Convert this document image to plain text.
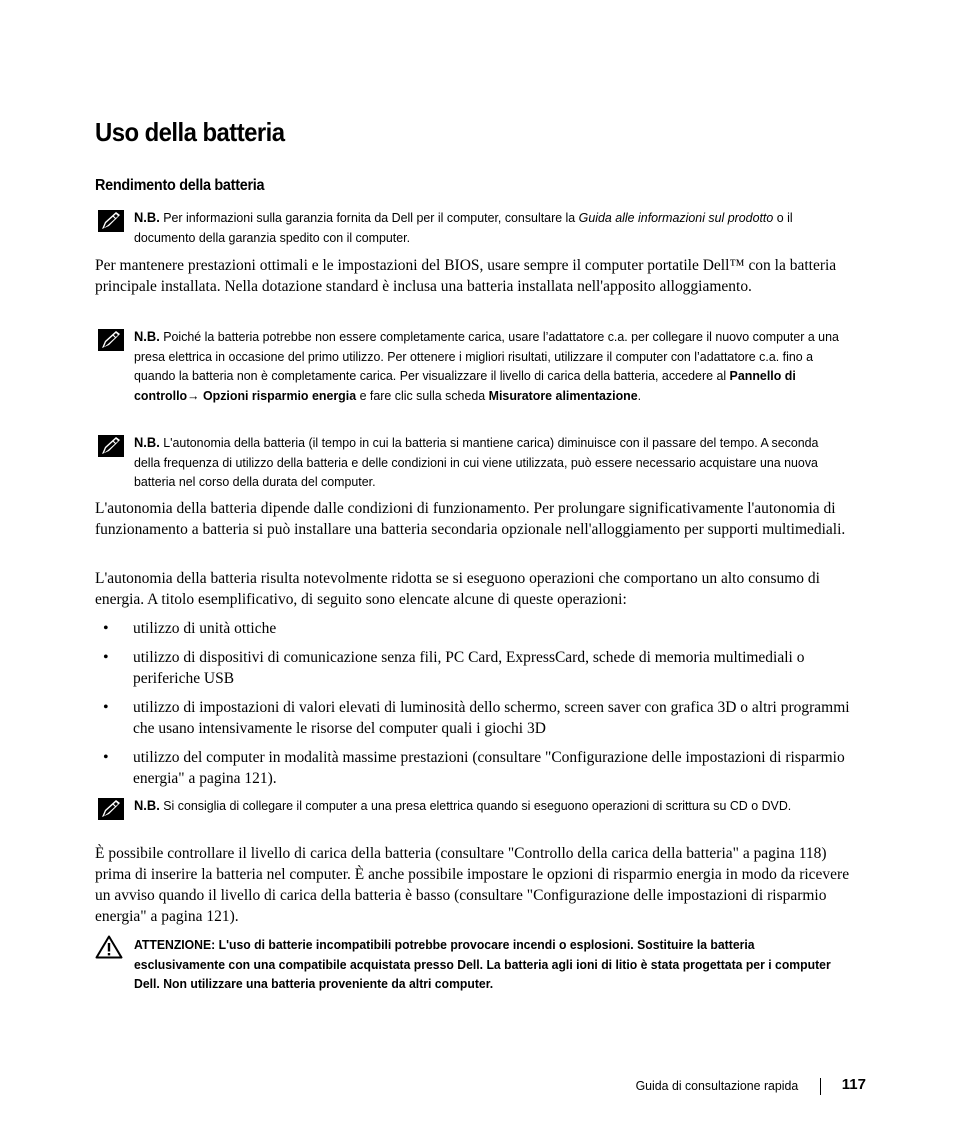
Uso della batteria
Rendimento della batteria
N.B. Per informazioni sulla garanzia fornita da Dell per il computer, consultare la Guida alle informazioni sul prodotto o il documento della garanzia spedito con il computer.
Per mantenere prestazioni ottimali e le impostazioni del BIOS, usare sempre il computer portatile Dell™ con la batteria principale installata. Nella dotazione standard è inclusa una batteria installata nell'apposito alloggiamento.
N.B. Poiché la batteria potrebbe non essere completamente carica, usare l’adattatore c.a. per collegare il nuovo computer a una presa elettrica in occasione del primo utilizzo. Per ottenere i migliori risultati, utilizzare il computer con l’adattatore c.a. fino a quando la batteria non è completamente carica. Per visualizzare il livello di carica della batteria, accedere al Pannello di controllo→ Opzioni risparmio energia e fare clic sulla scheda Misuratore alimentazione.
N.B. L'autonomia della batteria (il tempo in cui la batteria si mantiene carica) diminuisce con il passare del tempo. A seconda della frequenza di utilizzo della batteria e delle condizioni in cui viene utilizzata, può essere necessario acquistare una nuova batteria nel corso della durata del computer.
L'autonomia della batteria dipende dalle condizioni di funzionamento. Per prolungare significativamente l'autonomia di funzionamento a batteria si può installare una batteria secondaria opzionale nell'alloggiamento per supporti multimediali.
L'autonomia della batteria risulta notevolmente ridotta se si eseguono operazioni che comportano un alto consumo di energia. A titolo esemplificativo, di seguito sono elencate alcune di queste operazioni:
• utilizzo di unità ottiche
• utilizzo di dispositivi di comunicazione senza fili, PC Card, ExpressCard, schede di memoria multimediali o periferiche USB
• utilizzo di impostazioni di valori elevati di luminosità dello schermo, screen saver con grafica 3D o altri programmi che usano intensivamente le risorse del computer quali i giochi 3D
• utilizzo del computer in modalità massime prestazioni (consultare "Configurazione delle impostazioni di risparmio energia" a pagina 121).
N.B. Si consiglia di collegare il computer a una presa elettrica quando si eseguono operazioni di scrittura su CD o DVD.
È possibile controllare il livello di carica della batteria (consultare "Controllo della carica della batteria" a pagina 118) prima di inserire la batteria nel computer. È anche possibile impostare le opzioni di risparmio energia in modo da ricevere un avviso quando il livello di carica della batteria è basso (consultare "Configurazione delle impostazioni di risparmio energia" a pagina 121).
ATTENZIONE: L'uso di batterie incompatibili potrebbe provocare incendi o esplosioni. Sostituire la batteria esclusivamente con una compatibile acquistata presso Dell. La batteria agli ioni di litio è stata progettata per i computer Dell. Non utilizzare una batteria proveniente da altri computer.
Guida di consultazione rapida	117
